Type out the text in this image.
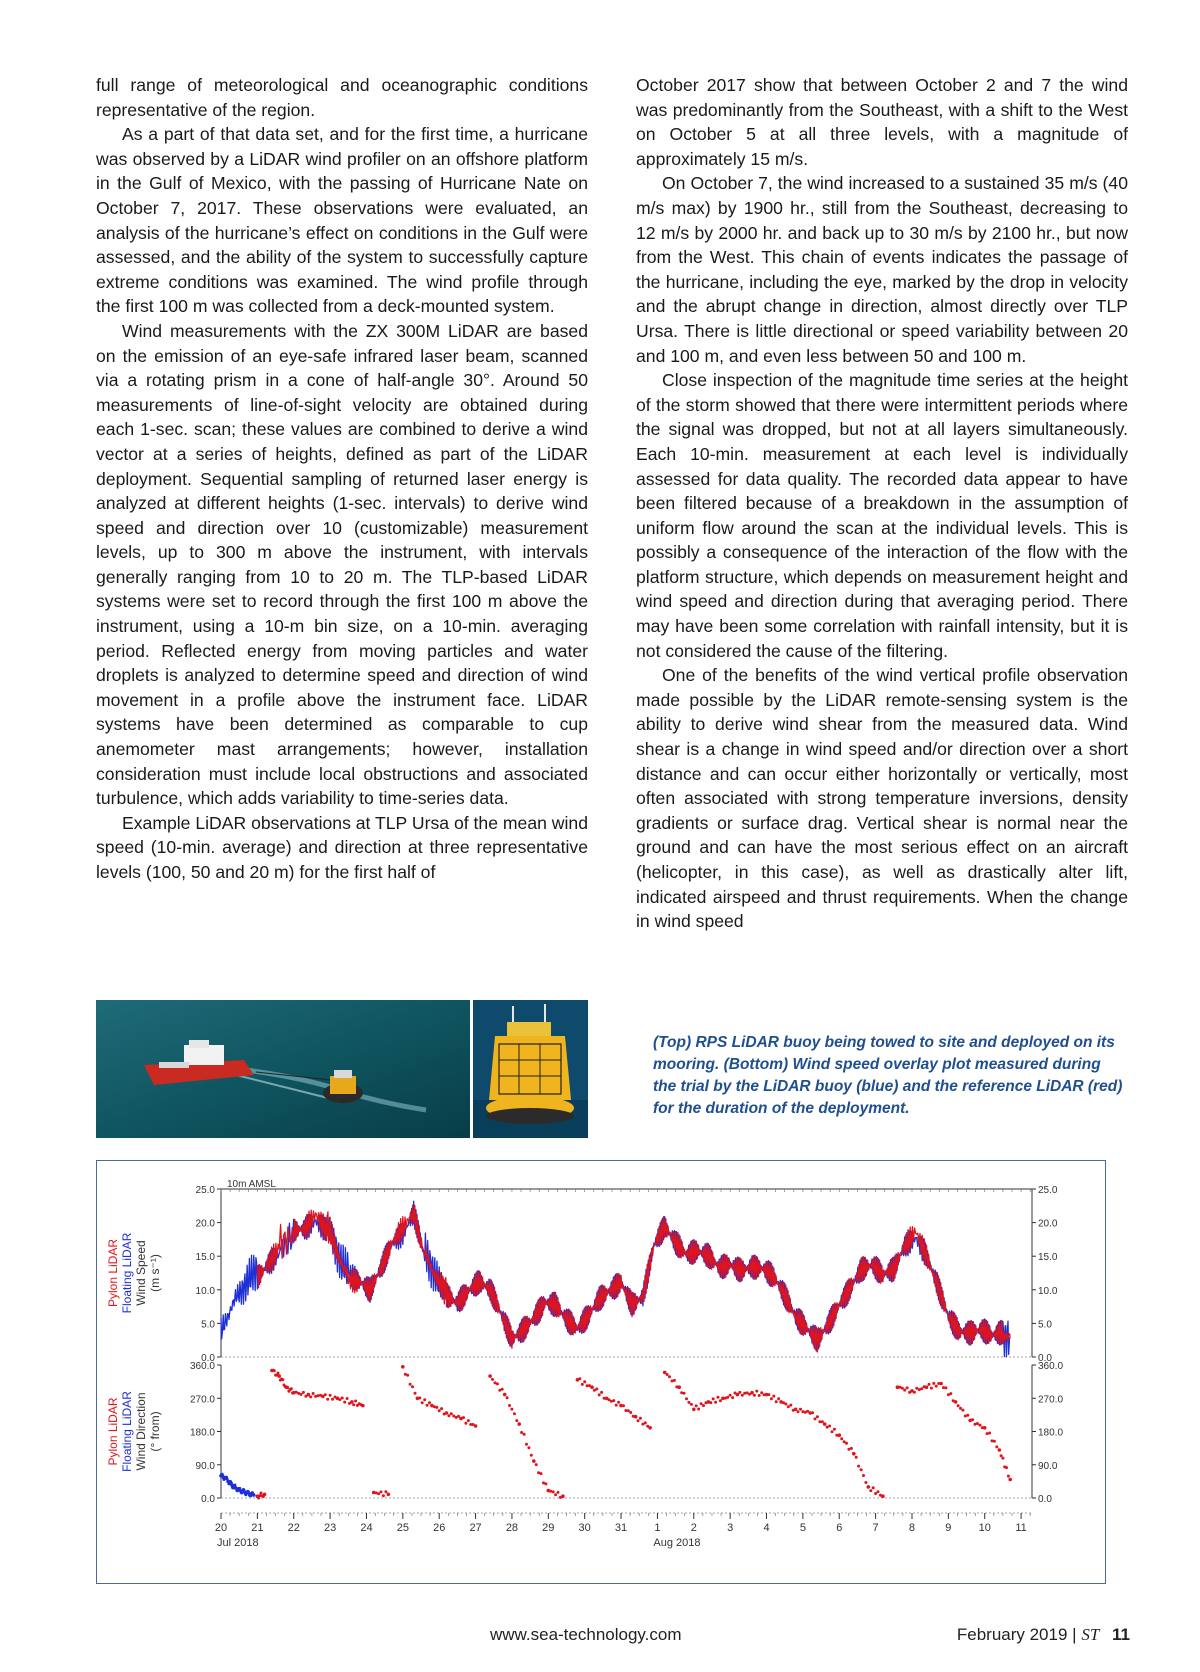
full range of meteorological and oceanographic conditions representative of the region.

As a part of that data set, and for the first time, a hurricane was observed by a LiDAR wind profiler on an offshore platform in the Gulf of Mexico, with the passing of Hurricane Nate on October 7, 2017. These observations were evaluated, an analysis of the hurricane’s effect on conditions in the Gulf were assessed, and the ability of the system to successfully capture extreme conditions was examined. The wind profile through the first 100 m was collected from a deck-mounted system.

Wind measurements with the ZX 300M LiDAR are based on the emission of an eye-safe infrared laser beam, scanned via a rotating prism in a cone of half-angle 30°. Around 50 measurements of line-of-sight velocity are obtained during each 1-sec. scan; these values are combined to derive a wind vector at a series of heights, defined as part of the LiDAR deployment. Sequential sampling of returned laser energy is analyzed at different heights (1-sec. intervals) to derive wind speed and direction over 10 (customizable) measurement levels, up to 300 m above the instrument, with intervals generally ranging from 10 to 20 m. The TLP-based LiDAR systems were set to record through the first 100 m above the instrument, using a 10-m bin size, on a 10-min. averaging period. Reflected energy from moving particles and water droplets is analyzed to determine speed and direction of wind movement in a profile above the instrument face. LiDAR systems have been determined as comparable to cup anemometer mast arrangements; however, installation consideration must include local obstructions and associated turbulence, which adds variability to time-series data.

Example LiDAR observations at TLP Ursa of the mean wind speed (10-min. average) and direction at three representative levels (100, 50 and 20 m) for the first half of

October 2017 show that between October 2 and 7 the wind was predominantly from the Southeast, with a shift to the West on October 5 at all three levels, with a magnitude of approximately 15 m/s.

On October 7, the wind increased to a sustained 35 m/s (40 m/s max) by 1900 hr., still from the Southeast, decreasing to 12 m/s by 2000 hr. and back up to 30 m/s by 2100 hr., but now from the West. This chain of events indicates the passage of the hurricane, including the eye, marked by the drop in velocity and the abrupt change in direction, almost directly over TLP Ursa. There is little directional or speed variability between 20 and 100 m, and even less between 50 and 100 m.

Close inspection of the magnitude time series at the height of the storm showed that there were intermittent periods where the signal was dropped, but not at all layers simultaneously. Each 10-min. measurement at each level is individually assessed for data quality. The recorded data appear to have been filtered because of a breakdown in the assumption of uniform flow around the scan at the individual levels. This is possibly a consequence of the interaction of the flow with the platform structure, which depends on measurement height and wind speed and direction during that averaging period. There may have been some correlation with rainfall intensity, but it is not considered the cause of the filtering.

One of the benefits of the wind vertical profile observation made possible by the LiDAR remote-sensing system is the ability to derive wind shear from the measured data. Wind shear is a change in wind speed and/or direction over a short distance and can occur either horizontally or vertically, most often associated with strong temperature inversions, density gradients or surface drag. Vertical shear is normal near the ground and can have the most serious effect on an aircraft (helicopter, in this case), as well as drastically alter lift, indicated airspeed and thrust requirements. When the change in wind speed

(Top) RPS LiDAR buoy being towed to site and deployed on its mooring. (Bottom) Wind speed overlay plot measured during the trial by the LiDAR buoy (blue) and the reference LiDAR (red) for the duration of the deployment.
0.0	0.0
5.0	5.0
10.0	10.0
15.0	15.0
20.0	20.0
25.0	25.0
10m AMSL
0.0	0.0
90.0	90.0
180.0	180.0
270.0	270.0
360.0	360.0
20 21 22 23 24 25 26 27 28 29 30 31 1	2	3	4	5	6	7	8	9 10 11
Jul 2018	Aug 2018
Pylon LiDAR Floating LiDAR Wind Speed (m s⁻¹)
Pylon LiDAR Floating LiDAR Wind Direction (° from)
www.sea-technology.com	February 2019 | ST 11
